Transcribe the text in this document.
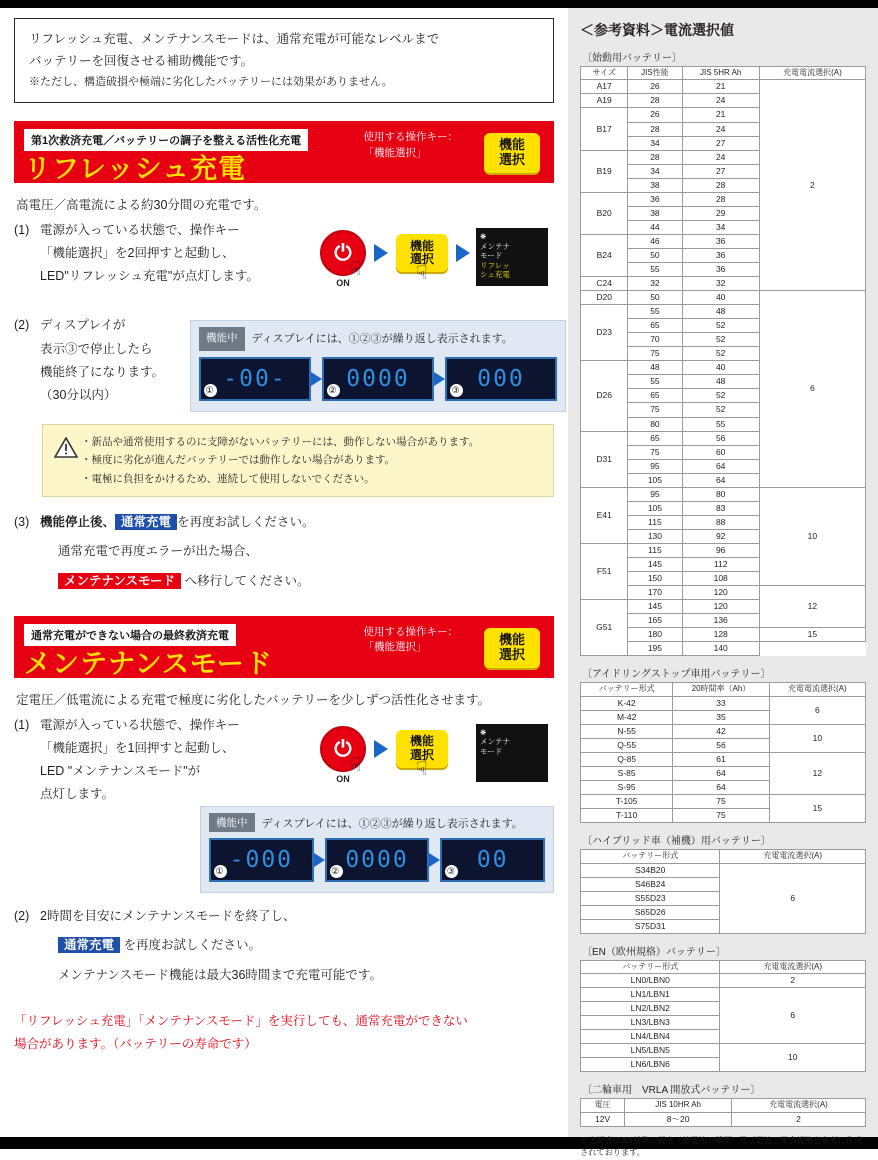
リフレッシュ充電、メンテナンスモードは、通常充電が可能なレベルまで
バッテリーを回復させる補助機能です。
※ただし、構造破損や極端に劣化したバッテリーには効果がありません。
第1次救済充電／バッテリーの調子を整える活性化充電
リフレッシュ充電
使用する操作キー：
「機能選択」
機能
選択
高電圧／高電流による約30分間の充電です。
(1) 電源が入っている状態で、操作キー
「機能選択」を2回押すと起動し、
LED"リフレッシュ充電"が点灯します。
⏻
ON
☟
機能
選択
☟
✳
メンテナ
モード
リフレッ
シュ充電
(2) ディスプレイが
表示③で停止したら
機能終了になります。
（30分以内）
機能中	ディスプレイには、①②③が繰り返し表示されます。
-00-
①	0000
②	000
③
・新品や通常使用するのに支障がないバッテリーには、動作しない場合があります。
・極度に劣化が進んだバッテリーでは動作しない場合があります。
・電極に負担をかけるため、連続して使用しないでください。
(3) 機能停止後、 通常充電 を再度お試しください。
通常充電で再度エラーが出た場合、
メンテナンスモード へ移行してください。
通常充電ができない場合の最終救済充電
メンテナンスモード
使用する操作キー：
「機能選択」
機能
選択
定電圧／低電流による充電で極度に劣化したバッテリーを少しずつ活性化させます。
(1) 電源が入っている状態で、操作キー
「機能選択」を1回押すと起動し、
LED "メンテナンスモード"が
点灯します。
⏻
ON
☟
機能
選択
☟
✳
メンテナ
モード
機能中	ディスプレイには、①②③が繰り返し表示されます。
-000
①	0000
②	00
③
(2) 2時間を目安にメンテナンスモードを終了し、
通常充電 を再度お試しください。
メンテナンスモード機能は最大36時間まで充電可能です。
「リフレッシュ充電」「メンテナンスモード」を実行しても、通常充電ができない
場合があります。（バッテリーの寿命です）
＜参考資料＞電流選択値
〔始動用バッテリー〕
サイズ	JIS性能	JIS 5HR Ah	充電電流選択(A)
A17	26	21	2
A19	28	24	
B17	26	21	
	28	24	
	34	27	
B19	28	24	
	34	27	
	38	28	
B20	36	28	
	38	29	
	44	34	
B24	46	36	
	50	36	
	55	36	
C24	32	32	
D20	50	40	6
D23	55	48	
	65	52	
	70	52	
	75	52	
D26	48	40	
	55	48	
	65	52	
	75	52	
	80	55	
D31	65	56	
	75	60	
	95	64	
	105	64	
E41	95	80	10
	105	83	
	115	88	
	130	92	
F51	115	96	
	145	112	
	150	108	
	170	120	12
G51	145	120	
	165	136	
	180	128	15
	195	140	
〔アイドリングストップ車用バッテリー〕
バッテリー形式	20時間率（Ah）	充電電流選択(A)
K-42	33	6
M-42	35	
N-55	42	10
Q-55	56	
Q-85	61	12
S-85	64	
S-95	64	
T-105	75	15
T-110	75	
〔ハイブリッド車（補機）用バッテリー〕
バッテリー形式	充電電流選択(A)
S34B20	6
S46B24	
S55D23	
S65D26	
S75D31	
〔EN（欧州規格）バッテリー〕
バッテリー形式	充電電流選択(A)
LN0/LBN0	2
LN1/LBN1	6
LN2/LBN2	
LN3/LBN3	
LN4/LBN4	
LN5/LBN5	10
LN6/LBN6	
〔二輪車用　VRLA 開放式バッテリー〕
電圧	JIS 10HR Ah	充電電流選択(A)
12V	8〜20	2
※上記表はJIS基準の規定（蓄電池の種類）及び電池工業会規格を参考に作成されております。
